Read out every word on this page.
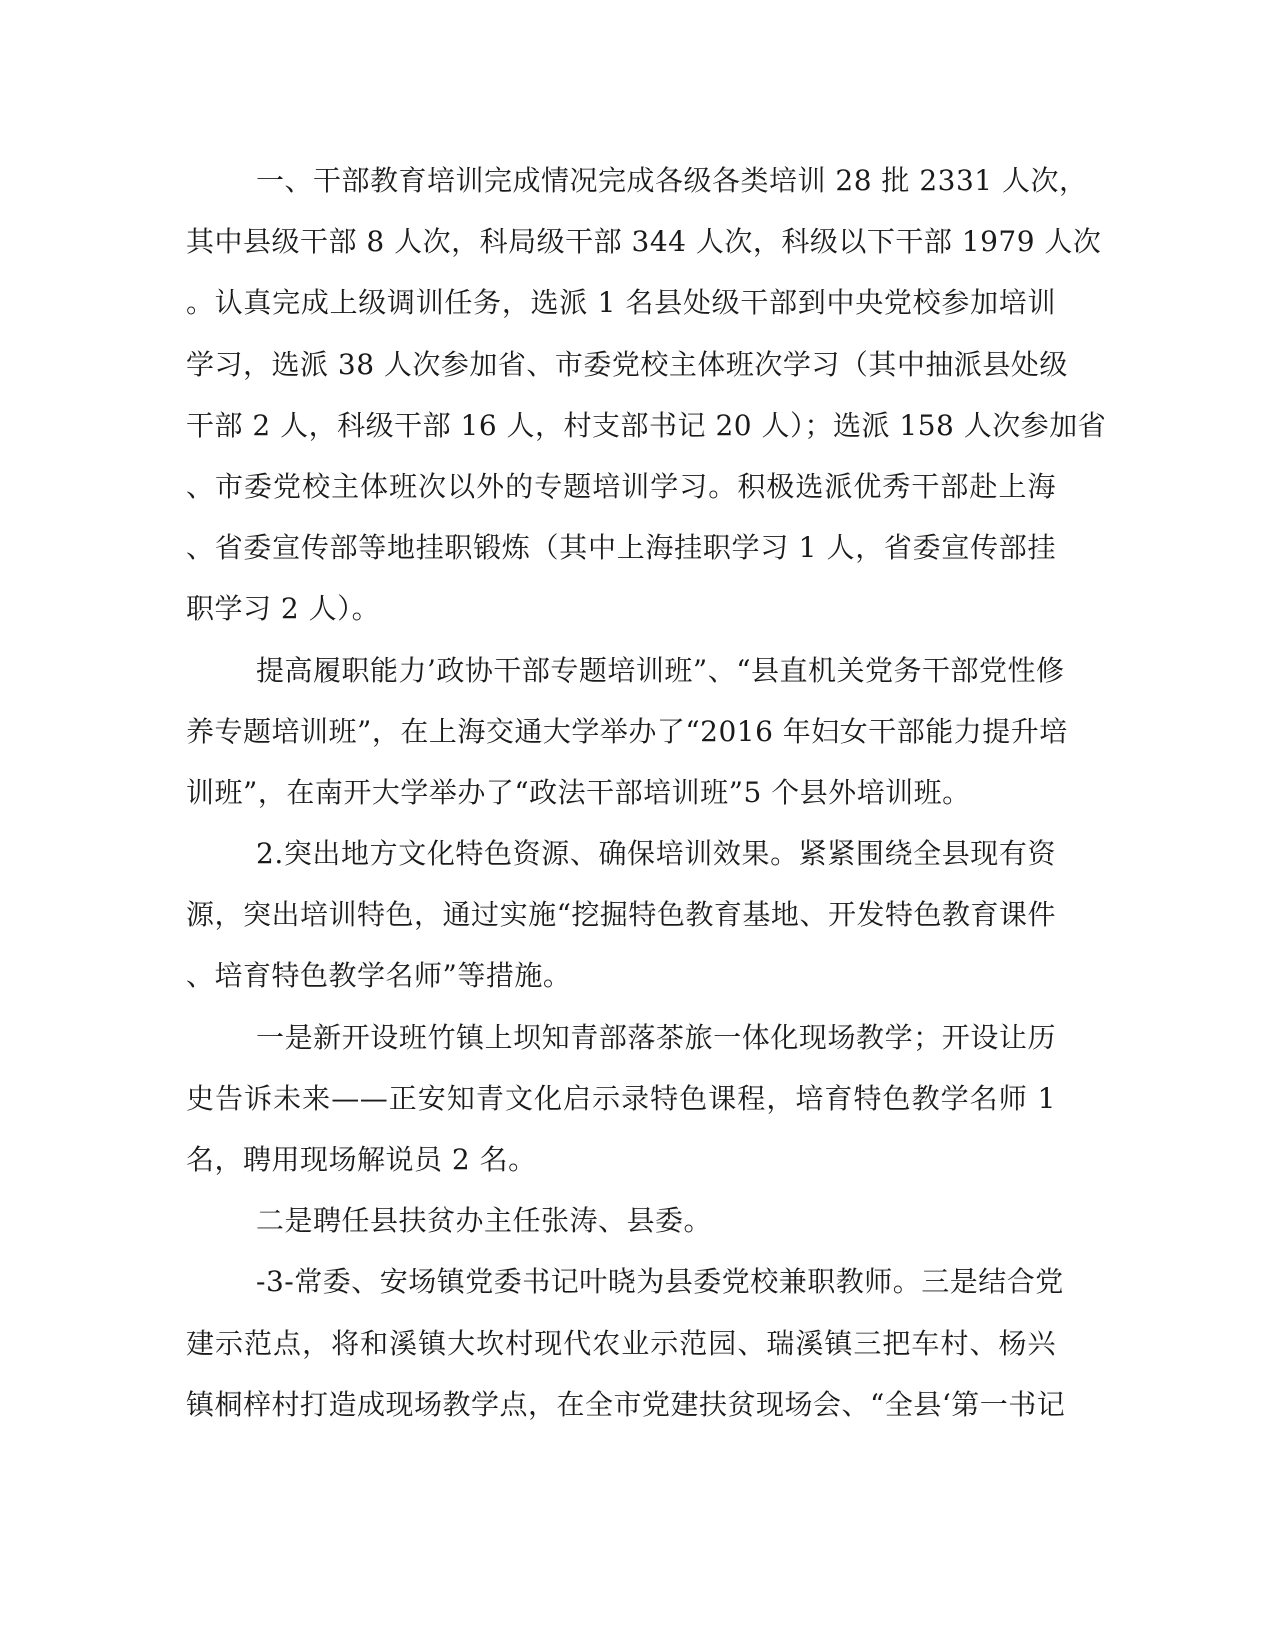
一、干部教育培训完成情况完成各级各类培训 28 批 2331 人次，
其中县级干部 8 人次，科局级干部 344 人次，科级以下干部 1979 人次
。认真完成上级调训任务，选派 1 名县处级干部到中央党校参加培训
学习，选派 38 人次参加省、市委党校主体班次学习（其中抽派县处级
干部 2 人，科级干部 16 人，村支部书记 20 人）；选派 158 人次参加省
、市委党校主体班次以外的专题培训学习。积极选派优秀干部赴上海
、省委宣传部等地挂职锻炼（其中上海挂职学习 1 人，省委宣传部挂
职学习 2 人）。
提高履职能力’政协干部专题培训班”、“县直机关党务干部党性修
养专题培训班”，在上海交通大学举办了“2016 年妇女干部能力提升培
训班”，在南开大学举办了“政法干部培训班”5 个县外培训班。
2.突出地方文化特色资源、确保培训效果。紧紧围绕全县现有资
源，突出培训特色，通过实施“挖掘特色教育基地、开发特色教育课件
、培育特色教学名师”等措施。
一是新开设班竹镇上坝知青部落茶旅一体化现场教学；开设让历
史告诉未来——正安知青文化启示录特色课程，培育特色教学名师 1
名，聘用现场解说员 2 名。
二是聘任县扶贫办主任张涛、县委。
-3-常委、安场镇党委书记叶晓为县委党校兼职教师。三是结合党
建示范点，将和溪镇大坎村现代农业示范园、瑞溪镇三把车村、杨兴
镇桐梓村打造成现场教学点，在全市党建扶贫现场会、“全县‘第一书记
